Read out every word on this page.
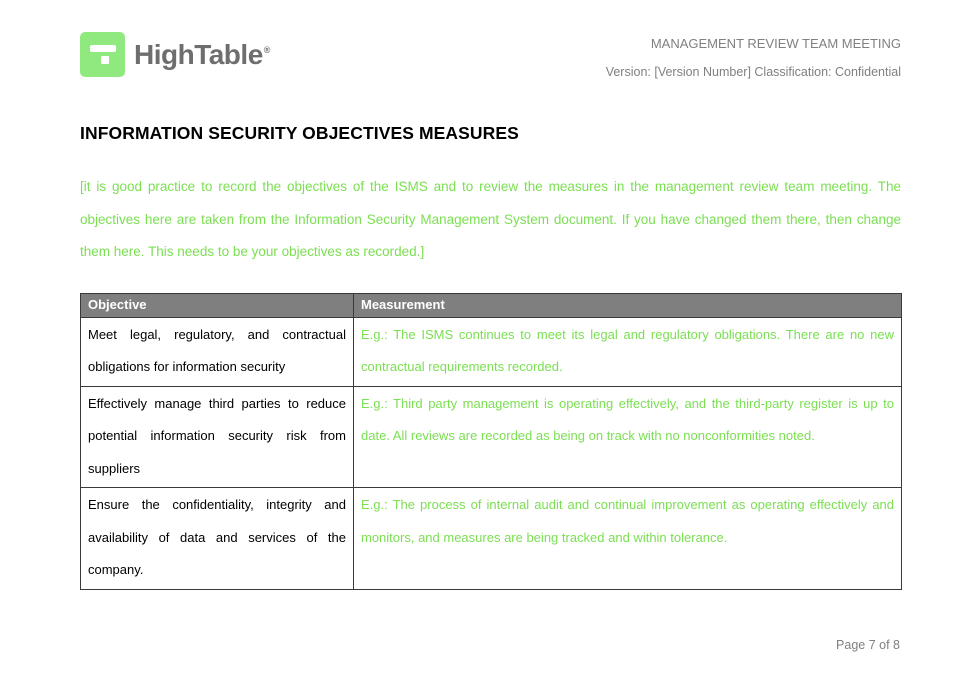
HighTable®	MANAGEMENT REVIEW TEAM MEETING
Version: [Version Number] Classification: Confidential
INFORMATION SECURITY OBJECTIVES MEASURES

[it is good practice to record the objectives of the ISMS and to review the measures in the management review team meeting. The objectives here are taken from the Information Security Management System document. If you have changed them there, then change them here. This needs to be your objectives as recorded.]

Objective	Measurement
Meet legal, regulatory, and contractual obligations for information security	E.g.: The ISMS continues to meet its legal and regulatory obligations. There are no new contractual requirements recorded.
Effectively manage third parties to reduce potential information security risk from suppliers	E.g.: Third party management is operating effectively, and the third-party register is up to date. All reviews are recorded as being on track with no nonconformities noted.
Ensure the confidentiality, integrity and availability of data and services of the company.	E.g.: The process of internal audit and continual improvement as operating effectively and monitors, and measures are being tracked and within tolerance.
Page 7 of 8
